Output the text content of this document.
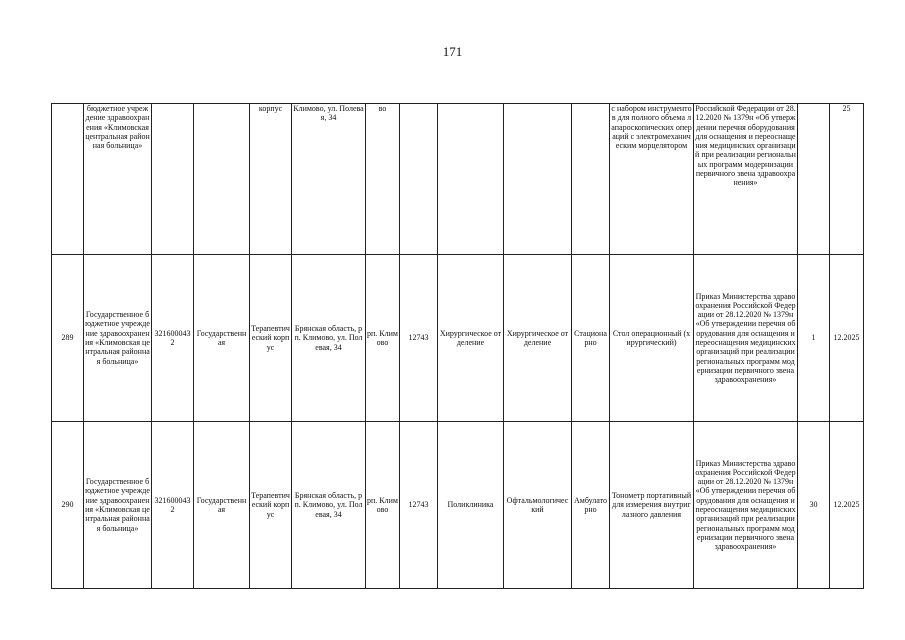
171
	бюджетное учреждение здравоохранения «Климовская центральная районная больница»			корпус	Климово, ул. Полевая, 34	во					с набором инструментов для полного объема лапароскопических операций с электромеханическим морцелятором	Российской Федерации от 28.12.2020 № 1379н «Об утверждении перечня оборудования для оснащения и переоснащения медицинских организаций при реализации региональных программ модернизации первичного звена здравоохранения»		25
289	Государственное бюджетное учреждение здравоохранения «Климовская центральная районная больница»	3216000432	Государственная	Терапевтический корпус	Брянская область, рп. Климово, ул. Полевая, 34	рп. Климово	12743	Хирургическое отделение	Хирургическое отделение	Стационарно	Стол операционный (хирургический)	Приказ Министерства здравоохранения Российской Федерации от 28.12.2020 № 1379н «Об утверждении перечня оборудования для оснащения и переоснащения медицинских организаций при реализации региональных программ модернизации первичного звена здравоохранения»	1	12.2025
290	Государственное бюджетное учреждение здравоохранения «Климовская центральная районная больница»	3216000432	Государственная	Терапевтический корпус	Брянская область, рп. Климово, ул. Полевая, 34	рп. Климово	12743	Поликлиника	Офтальмологический	Амбулаторно	Тонометр портативный для измерения внутриглазного давления	Приказ Министерства здравоохранения Российской Федерации от 28.12.2020 № 1379н «Об утверждении перечня оборудования для оснащения и переоснащения медицинских организаций при реализации региональных программ модернизации первичного звена здравоохранения»	30	12.2025
